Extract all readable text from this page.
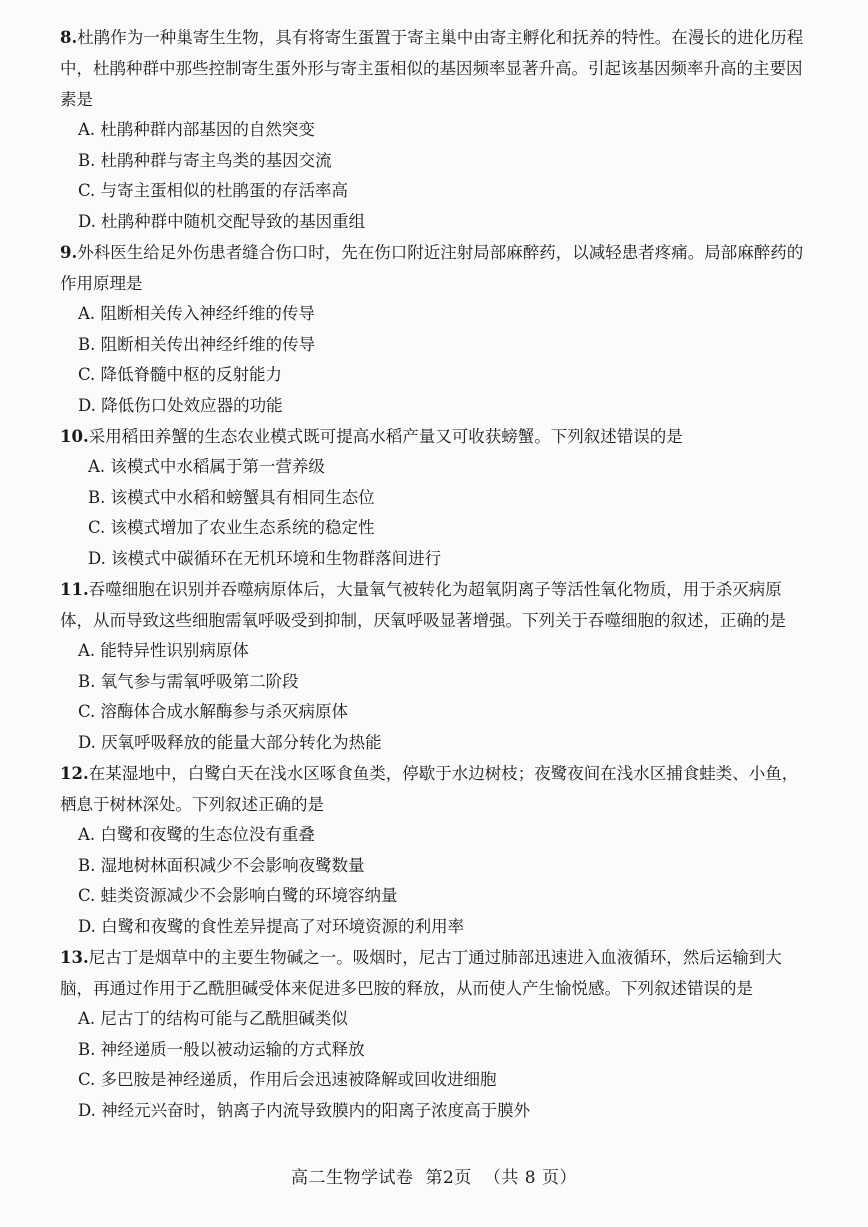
8.杜鹃作为一种巢寄生生物，具有将寄生蛋置于寄主巢中由寄主孵化和抚养的特性。在漫长的进化历程中，杜鹃种群中那些控制寄生蛋外形与寄主蛋相似的基因频率显著升高。引起该基因频率升高的主要因素是

A. 杜鹃种群内部基因的自然突变

B. 杜鹃种群与寄主鸟类的基因交流

C. 与寄主蛋相似的杜鹃蛋的存活率高

D. 杜鹃种群中随机交配导致的基因重组

9.外科医生给足外伤患者缝合伤口时，先在伤口附近注射局部麻醉药，以减轻患者疼痛。局部麻醉药的作用原理是

A. 阻断相关传入神经纤维的传导

B. 阻断相关传出神经纤维的传导

C. 降低脊髓中枢的反射能力

D. 降低伤口处效应器的功能

10.采用稻田养蟹的生态农业模式既可提高水稻产量又可收获螃蟹。下列叙述错误的是

A. 该模式中水稻属于第一营养级

B. 该模式中水稻和螃蟹具有相同生态位

C. 该模式增加了农业生态系统的稳定性

D. 该模式中碳循环在无机环境和生物群落间进行

11.吞噬细胞在识别并吞噬病原体后，大量氧气被转化为超氧阴离子等活性氧化物质，用于杀灭病原体，从而导致这些细胞需氧呼吸受到抑制，厌氧呼吸显著增强。下列关于吞噬细胞的叙述，正确的是

A. 能特异性识别病原体

B. 氧气参与需氧呼吸第二阶段

C. 溶酶体合成水解酶参与杀灭病原体

D. 厌氧呼吸释放的能量大部分转化为热能

12.在某湿地中，白鹭白天在浅水区啄食鱼类，停歇于水边树枝；夜鹭夜间在浅水区捕食蛙类、小鱼，栖息于树林深处。下列叙述正确的是

A. 白鹭和夜鹭的生态位没有重叠

B. 湿地树林面积减少不会影响夜鹭数量

C. 蛙类资源减少不会影响白鹭的环境容纳量

D. 白鹭和夜鹭的食性差异提高了对环境资源的利用率

13.尼古丁是烟草中的主要生物碱之一。吸烟时，尼古丁通过肺部迅速进入血液循环，然后运输到大脑，再通过作用于乙酰胆碱受体来促进多巴胺的释放，从而使人产生愉悦感。下列叙述错误的是

A. 尼古丁的结构可能与乙酰胆碱类似

B. 神经递质一般以被动运输的方式释放

C. 多巴胺是神经递质，作用后会迅速被降解或回收进细胞

D. 神经元兴奋时，钠离子内流导致膜内的阳离子浓度高于膜外

高二生物学试卷 第2页 （共 8 页）
